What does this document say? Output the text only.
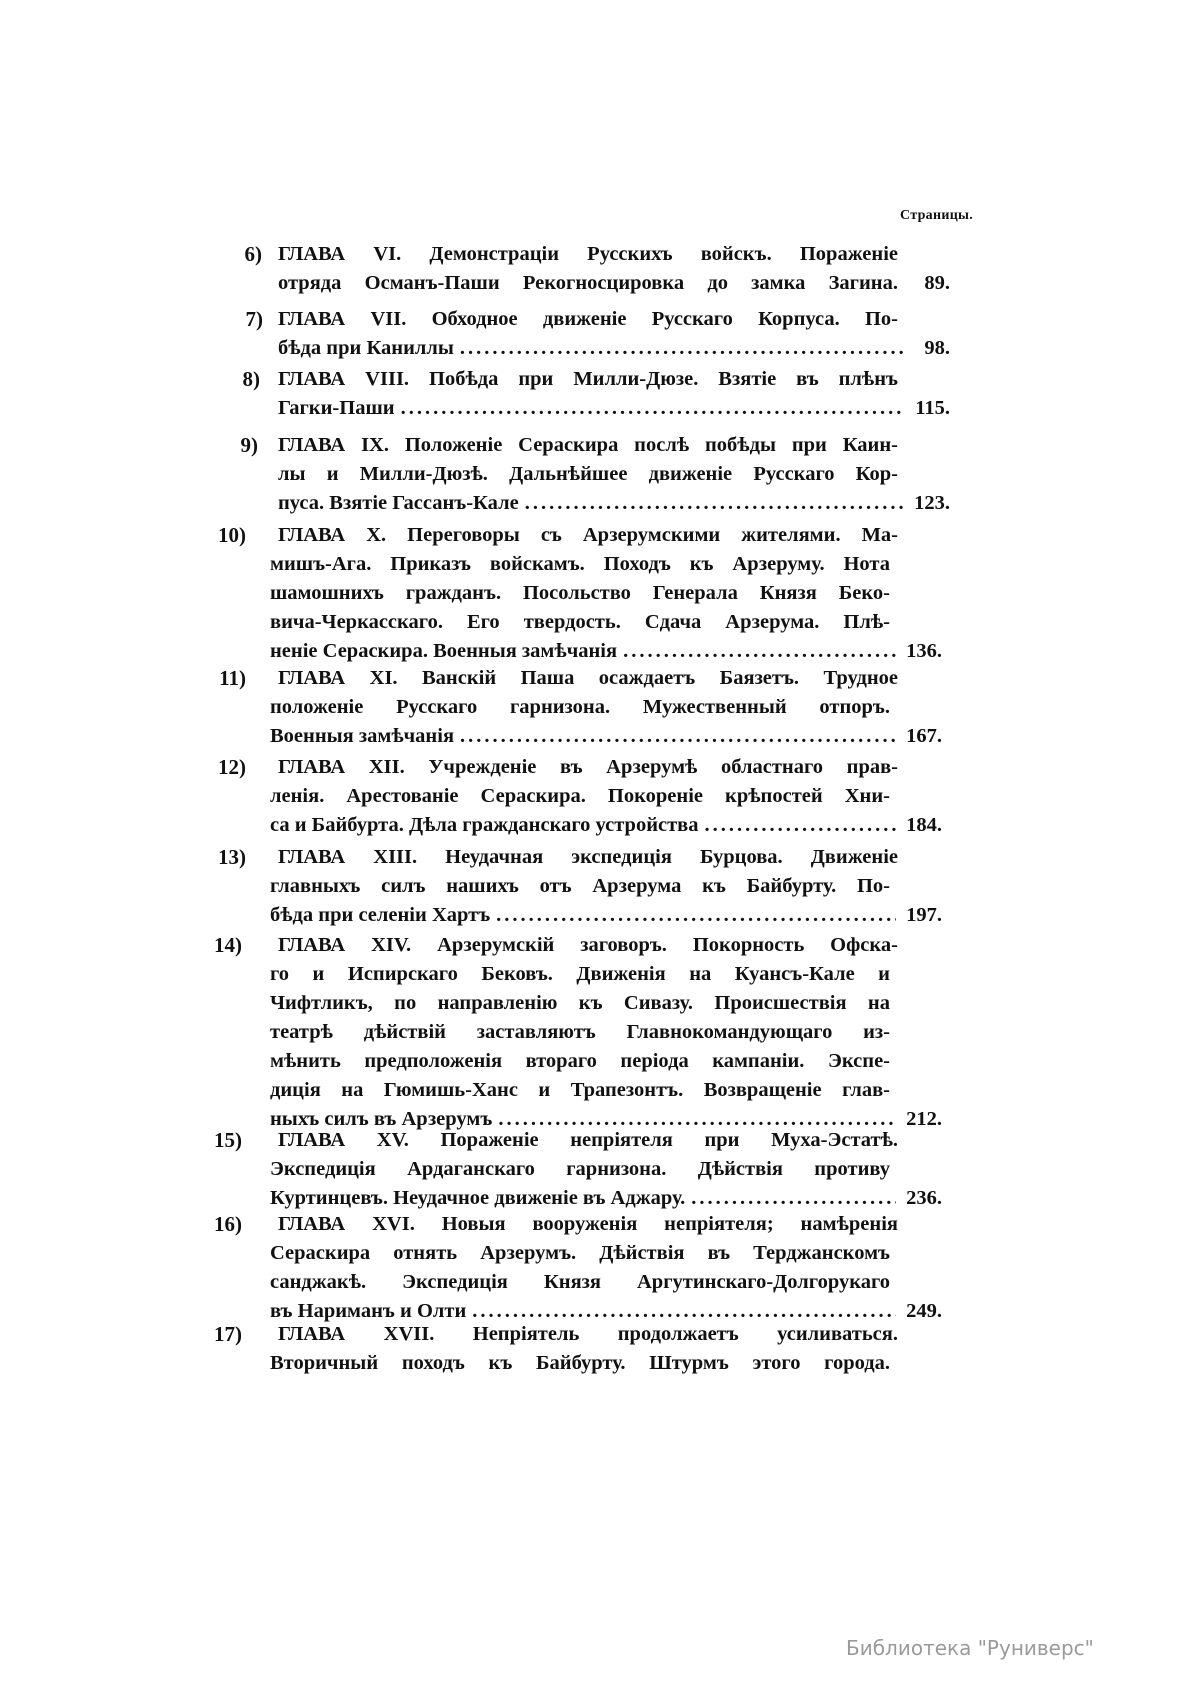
Страницы.
6) ГЛАВА VI. Демонстраціи Русскихъ войскъ. Пораженіе
отряда Османъ-Паши Рекогносцировка до замка Загина.	89.
7) ГЛАВА VII. Обходное движеніе Русскаго Корпуса. По-
бѣда при Каниллы .....	98.
8) ГЛАВА VIII. Побѣда при Милли-Дюзе. Взятіе въ плѣнъ
Гагки-Паши .....	115.
9) ГЛАВА IX. Положеніе Сераскира послѣ побѣды при Каин-
лы и Милли-Дюзѣ. Дальнѣйшее движеніе Русскаго Кор-
пуса. Взятіе Гассанъ-Кале .....	123.
10) ГЛАВА X. Переговоры съ Арзерумскими жителями. Ма-
мишъ-Ага. Приказъ войскамъ. Походъ къ Арзеруму. Нота
шамошнихъ гражданъ. Посольство Генерала Князя Беко-
вича-Черкасскаго. Его твердость. Сдача Арзерума. Плѣ-
неніе Сераскира. Военныя замѣчанія .....	136.
11) ГЛАВА XI. Ванскій Паша осаждаетъ Баязетъ. Трудное
положеніе Русскаго гарнизона. Мужественный отпоръ.
Военныя замѣчанія .....	167.
12) ГЛАВА XII. Учрежденіе въ Арзерумѣ областнаго прав-
ленія. Арестованіе Сераскира. Покореніе крѣпостей Хни-
са и Байбурта. Дѣла гражданскаго устройства .....	184.
13) ГЛАВА XIII. Неудачная экспедиція Бурцова. Движеніе
главныхъ силъ нашихъ отъ Арзерума къ Байбурту. По-
бѣда при селеніи Хартъ .....	197.
14) ГЛАВА XIV. Арзерумскій заговоръ. Покорность Офска-
го и Испирскаго Бековъ. Движенія на Куансъ-Кале и
Чифтликъ, по направленію къ Сивазу. Происшествія на
театрѣ дѣйствій заставляютъ Главнокомандующаго из-
мѣнить предположенія втораго періода кампаніи. Экспе-
диція на Гюмишь-Ханс и Трапезонтъ. Возвращеніе глав-
ныхъ силъ въ Арзерумъ .....	212.
15) ГЛАВА XV. Пораженіе непріятеля при Муха-Эстатѣ.
Экспедиція Ардаганскаго гарнизона. Дѣйствія противу
Куртинцевъ. Неудачное движеніе въ Аджару. .....	236.
16) ГЛАВА XVI. Новыя вооруженія непріятеля; намѣренія
Сераскира отнять Арзерумъ. Дѣйствія въ Терджанскомъ
санджакѣ. Экспедиція Князя Аргутинскаго-Долгорукаго
въ Нариманъ и Олти .....	249.
17) ГЛАВА XVII. Непріятель продолжаетъ усиливаться.
Вторичный походъ къ Байбурту. Штурмъ этого города.
Библиотека "Руниверс"
